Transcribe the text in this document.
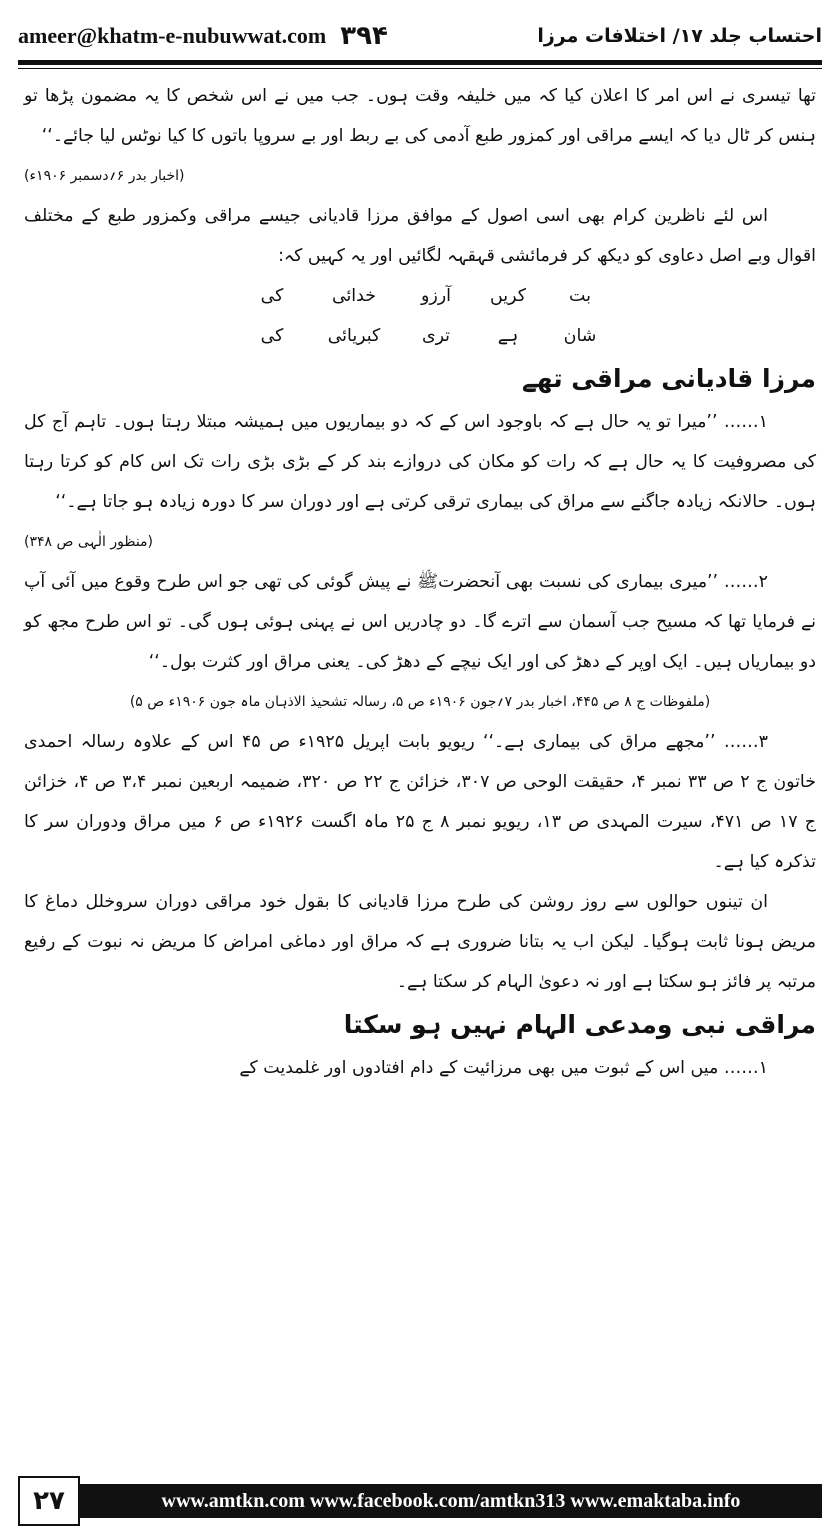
ameer@khatm-e-nubuwwat.com ۳۹۴	احتساب جلد ۱۷/ اختلافات مرزا

تھا تیسری نے اس امر کا اعلان کیا کہ میں خلیفہ وقت ہوں۔ جب میں نے اس شخص کا یہ مضمون پڑھا تو ہنس کر ٹال دیا کہ ایسے مراقی اور کمزور طبع آدمی کی بے ربط اور بے سروپا باتوں کا کیا نوٹس لیا جائے۔‘‘

(اخبار بدر ۶؍دسمبر ۱۹۰۶ء)

اس لئے ناظرین کرام بھی اسی اصول کے موافق مرزا قادیانی جیسے مراقی وکمزور طبع کے مختلف اقوال وبے اصل دعاوی کو دیکھ کر فرمائشی قہقہہ لگائیں اور یہ کہیں کہ:

بت
کریں
آرزو
خدائی
کی
شان
ہے
تری
کبریائی
کی

مرزا قادیانی مراقی تھے

۱…… ’’میرا تو یہ حال ہے کہ باوجود اس کے کہ دو بیماریوں میں ہمیشہ مبتلا رہتا ہوں۔ تاہم آج کل کی مصروفیت کا یہ حال ہے کہ رات کو مکان کی دروازے بند کر کے بڑی بڑی رات تک اس کام کو کرتا رہتا ہوں۔ حالانکہ زیادہ جاگنے سے مراق کی بیماری ترقی کرتی ہے اور دوران سر کا دورہ زیادہ ہو جاتا ہے۔‘‘

(منظور الٰہی ص ۳۴۸)

۲…… ’’میری بیماری کی نسبت بھی آنحضرتﷺ نے پیش گوئی کی تھی جو اس طرح وقوع میں آئی آپ نے فرمایا تھا کہ مسیح جب آسمان سے اترے گا۔ دو چادریں اس نے پہنی ہوئی ہوں گی۔ تو اس طرح مجھ کو دو بیماریاں ہیں۔ ایک اوپر کے دھڑ کی اور ایک نیچے کے دھڑ کی۔ یعنی مراق اور کثرت بول۔‘‘

(ملفوظات ج ۸ ص ۴۴۵، اخبار بدر ۷؍جون ۱۹۰۶ء ص ۵، رسالہ تشحیذ الاذہان ماہ جون ۱۹۰۶ء ص ۵)

۳…… ’’مجھے مراق کی بیماری ہے۔‘‘ ریویو بابت اپریل ۱۹۲۵ء ص ۴۵ اس کے علاوہ رسالہ احمدی خاتون ج ۲ ص ۳۳ نمبر ۴، حقیقت الوحی ص ۳۰۷، خزائن ج ۲۲ ص ۳۲۰، ضمیمہ اربعین نمبر ۳،۴ ص ۴، خزائن ج ۱۷ ص ۴۷۱، سیرت المہدی ص ۱۳، ریویو نمبر ۸ ج ۲۵ ماہ اگست ۱۹۲۶ء ص ۶ میں مراق ودوران سر کا تذکرہ کیا ہے۔

ان تینوں حوالوں سے روز روشن کی طرح مرزا قادیانی کا بقول خود مراقی دوران سروخلل دماغ کا مریض ہونا ثابت ہوگیا۔ لیکن اب یہ بتانا ضروری ہے کہ مراق اور دماغی امراض کا مریض نہ نبوت کے رفیع مرتبہ پر فائز ہو سکتا ہے اور نہ دعویٰ الہام کر سکتا ہے۔

مراقی نبی ومدعی الہام نہیں ہو سکتا

۱…… میں اس کے ثبوت میں بھی مرزائیت کے دام افتادوں اور غلمدیت کے

۲۷	www.amtkn.com www.facebook.com/amtkn313 www.emaktaba.info
